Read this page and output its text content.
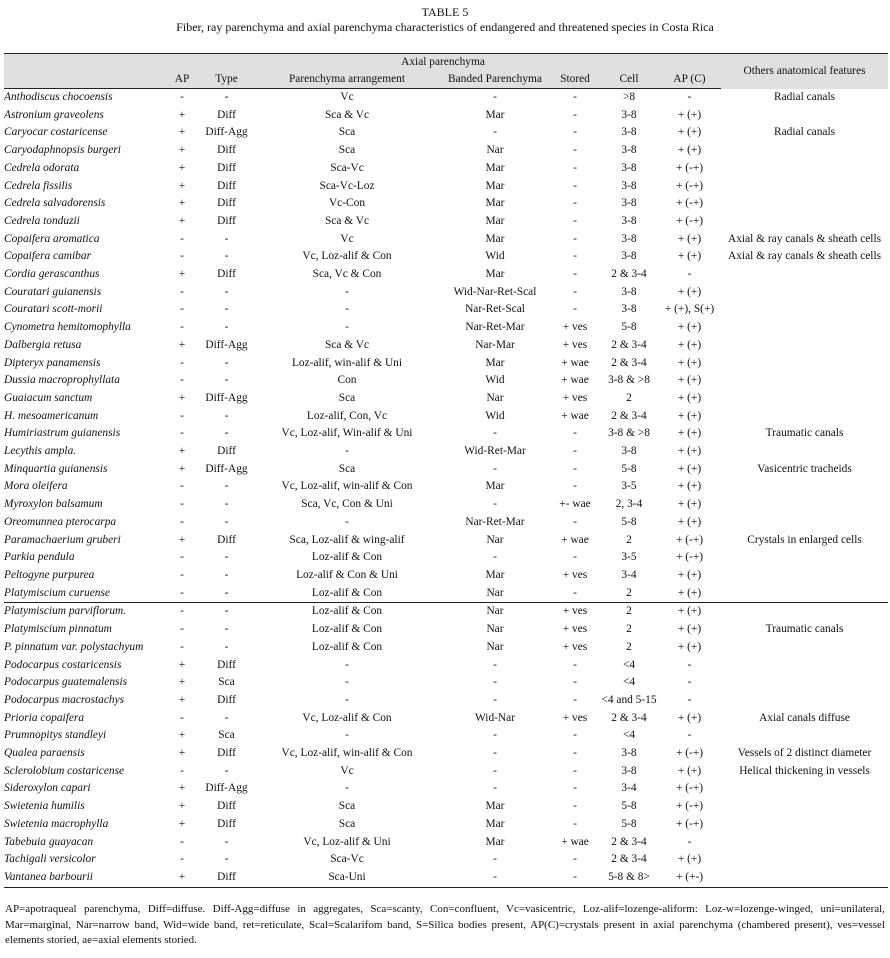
TABLE 5
Fiber, ray parenchyma and axial parenchyma characteristics of endangered and threatened species in Costa Rica
	Axial parenchyma							Others anatomical features
	AP	Type	Parenchyma arrangement	Banded Parenchyma	Stored	Cell	AP (C)	
Anthodiscus chocoensis	-	-	Vc	-	-	>8	-	Radial canals
Astronium graveolens	+	Diff	Sca & Vc	Mar	-	3-8	+ (+)	
Caryocar costaricense	+	Diff-Agg	Sca	-	-	3-8	+ (+)	Radial canals
Caryodaphnopsis burgeri	+	Diff	Sca	Nar	-	3-8	+ (+)	
Cedrela odorata	+	Diff	Sca-Vc	Mar	-	3-8	+ (-+)	
Cedrela fissilis	+	Diff	Sca-Vc-Loz	Mar	-	3-8	+ (-+)	
Cedrela salvadorensis	+	Diff	Vc-Con	Mar	-	3-8	+ (-+)	
Cedrela tonduzii	+	Diff	Sca & Vc	Mar	-	3-8	+ (-+)	
Copaifera aromatica	-	-	Vc	Mar	-	3-8	+ (+)	Axial & ray canals & sheath cells
Copaifera camibar	-	-	Vc, Loz-alif & Con	Wid	-	3-8	+ (+)	Axial & ray canals & sheath cells
Cordia gerascanthus	+	Diff	Sca, Vc & Con	Mar	-	2 & 3-4	-	
Couratari guianensis	-	-	-	Wid-Nar-Ret-Scal	-	3-8	+ (+)	
Couratari scott-morii	-	-	-	Nar-Ret-Scal	-	3-8	+ (+), S(+)	
Cynometra hemitomophylla	-	-	-	Nar-Ret-Mar	+ ves	5-8	+ (+)	
Dalbergia retusa	+	Diff-Agg	Sca & Vc	Nar-Mar	+ ves	2 & 3-4	+ (+)	
Dipteryx panamensis	-	-	Loz-alif, win-alif & Uni	Mar	+ wae	2 & 3-4	+ (+)	
Dussia macroprophyllata	-	-	Con	Wid	+ wae	3-8 & >8	+ (+)	
Guaiacum sanctum	+	Diff-Agg	Sca	Nar	+ ves	2	+ (+)	
H. mesoamericanum	-	-	Loz-alif, Con, Vc	Wid	+ wae	2 & 3-4	+ (+)	
Humiriastrum guianensis	-	-	Vc, Loz-alif, Win-alif & Uni	-	-	3-8 & >8	+ (+)	Traumatic canals
Lecythis ampla.	+	Diff	-	Wid-Ret-Mar	-	3-8	+ (+)	
Minquartia guianensis	+	Diff-Agg	Sca	-	-	5-8	+ (+)	Vasicentric tracheids
Mora oleifera	-	-	Vc, Loz-alif, win-alif & Con	Mar	-	3-5	+ (+)	
Myroxylon balsamum	-	-	Sca, Vc, Con & Uni	-	+- wae	2, 3-4	+ (+)	
Oreomunnea pterocarpa	-	-	-	Nar-Ret-Mar	-	5-8	+ (+)	
Paramachaerium gruberi	+	Diff	Sca, Loz-alif & wing-alif	Nar	+ wae	2	+ (-+)	Crystals in enlarged cells
Parkia pendula	-	-	Loz-alif & Con	-	-	3-5	+ (-+)	
Peltogyne purpurea	-	-	Loz-alif & Con & Uni	Mar	+ ves	3-4	+ (+)	
Platymiscium curuense	-	-	Loz-alif & Con	Nar	-	2	+ (+)	
Platymiscium parviflorum.	-	-	Loz-alif & Con	Nar	+ ves	2	+ (+)	
Platymiscium pinnatum	-	-	Loz-alif & Con	Nar	+ ves	2	+ (+)	Traumatic canals
P. pinnatum var. polystachyum	-	-	Loz-alif & Con	Nar	+ ves	2	+ (+)	
Podocarpus costaricensis	+	Diff	-	-	-	<4	-	
Podocarpus guatemalensis	+	Sca	-	-	-	<4	-	
Podocarpus macrostachys	+	Diff	-	-	-	<4 and 5-15	-	
Prioria copaifera	-	-	Vc, Loz-alif & Con	Wid-Nar	+ ves	2 & 3-4	+ (+)	Axial canals diffuse
Prumnopitys standleyi	+	Sca	-	-	-	<4	-	
Qualea paraensis	+	Diff	Vc, Loz-alif, win-alif & Con	-	-	3-8	+ (-+)	Vessels of 2 distinct diameter
Sclerolobium costaricense	-	-	Vc	-	-	3-8	+ (+)	Helical thickening in vessels
Sideroxylon capari	+	Diff-Agg	-	-	-	3-4	+ (-+)	
Swietenia humilis	+	Diff	Sca	Mar	-	5-8	+ (-+)	
Swietenia macrophylla	+	Diff	Sca	Mar	-	5-8	+ (-+)	
Tabebuia guayacan	-	-	Vc, Loz-alif & Uni	Mar	+ wae	2 & 3-4	-	
Tachigali versicolor	-	-	Sca-Vc	-	-	2 & 3-4	+ (+)	
Vantanea barbourii	+	Diff	Sca-Uni	-	-	5-8 & 8>	+ (+-)	
AP=apotraqueal parenchyma, Diff=diffuse. Diff-Agg=diffuse in aggregates, Sca=scanty, Con=confluent, Vc=vasicentric, Loz-alif=lozenge-aliform: Loz-w=lozenge-winged, uni=unilateral, Mar=marginal, Nar=narrow band, Wid=wide band, ret=reticulate, Scal=Scalarifom band, S=Silica bodies present, AP(C)=crystals present in axial parenchyma (chambered present), ves=vessel elements storied, ae=axial elements storied.
